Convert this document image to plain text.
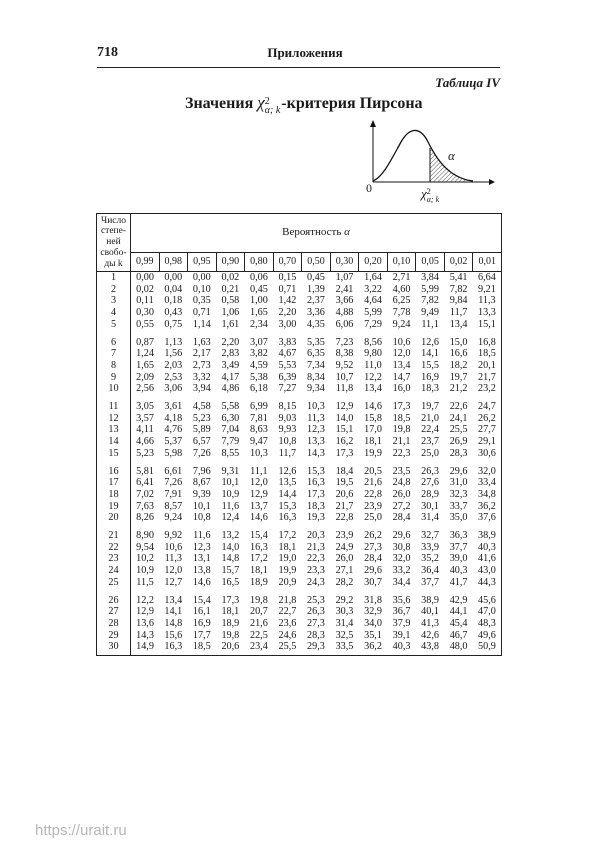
718	Приложения
Таблица IV
Значения χ 2
α; k -критерия Пирсона
α
0	χ 2
α; k
Число
степе-
ней
свобо-
ды k	Вероятность α												
	0,99	0,98	0,95	0,90	0,80	0,70	0,50	0,30	0,20	0,10	0,05	0,02	0,01
1	0,00	0,00	0,00	0,02	0,06	0,15	0,45	1,07	1,64	2,71	3,84	5,41	6,64
2	0,02	0,04	0,10	0,21	0,45	0,71	1,39	2,41	3,22	4,60	5,99	7,82	9,21
3	0,11	0,18	0,35	0,58	1,00	1,42	2,37	3,66	4,64	6,25	7,82	9,84	11,3
4	0,30	0,43	0,71	1,06	1,65	2,20	3,36	4,88	5,99	7,78	9,49	11,7	13,3
5	0,55	0,75	1,14	1,61	2,34	3,00	4,35	6,06	7,29	9,24	11,1	13,4	15,1
6	0,87	1,13	1,63	2,20	3,07	3,83	5,35	7,23	8,56	10,6	12,6	15,0	16,8
7	1,24	1,56	2,17	2,83	3,82	4,67	6,35	8,38	9,80	12,0	14,1	16,6	18,5
8	1,65	2,03	2,73	3,49	4,59	5,53	7,34	9,52	11,0	13,4	15,5	18,2	20,1
9	2,09	2,53	3,32	4,17	5,38	6,39	8,34	10,7	12,2	14,7	16,9	19,7	21,7
10	2,56	3,06	3,94	4,86	6,18	7,27	9,34	11,8	13,4	16,0	18,3	21,2	23,2
11	3,05	3,61	4,58	5,58	6,99	8,15	10,3	12,9	14,6	17,3	19,7	22,6	24,7
12	3,57	4,18	5,23	6,30	7,81	9,03	11,3	14,0	15,8	18,5	21,0	24,1	26,2
13	4,11	4,76	5,89	7,04	8,63	9,93	12,3	15,1	17,0	19,8	22,4	25,5	27,7
14	4,66	5,37	6,57	7,79	9,47	10,8	13,3	16,2	18,1	21,1	23,7	26,9	29,1
15	5,23	5,98	7,26	8,55	10,3	11,7	14,3	17,3	19,9	22,3	25,0	28,3	30,6
16	5,81	6,61	7,96	9,31	11,1	12,6	15,3	18,4	20,5	23,5	26,3	29,6	32,0
17	6,41	7,26	8,67	10,1	12,0	13,5	16,3	19,5	21,6	24,8	27,6	31,0	33,4
18	7,02	7,91	9,39	10,9	12,9	14,4	17,3	20,6	22,8	26,0	28,9	32,3	34,8
19	7,63	8,57	10,1	11,6	13,7	15,3	18,3	21,7	23,9	27,2	30,1	33,7	36,2
20	8,26	9,24	10,8	12,4	14,6	16,3	19,3	22,8	25,0	28,4	31,4	35,0	37,6
21	8,90	9,92	11,6	13,2	15,4	17,2	20,3	23,9	26,2	29,6	32,7	36,3	38,9
22	9,54	10,6	12,3	14,0	16,3	18,1	21,3	24,9	27,3	30,8	33,9	37,7	40,3
23	10,2	11,3	13,1	14,8	17,2	19,0	22,3	26,0	28,4	32,0	35,2	39,0	41,6
24	10,9	12,0	13,8	15,7	18,1	19,9	23,3	27,1	29,6	33,2	36,4	40,3	43,0
25	11,5	12,7	14,6	16,5	18,9	20,9	24,3	28,2	30,7	34,4	37,7	41,7	44,3
26	12,2	13,4	15,4	17,3	19,8	21,8	25,3	29,2	31,8	35,6	38,9	42,9	45,6
27	12,9	14,1	16,1	18,1	20,7	22,7	26,3	30,3	32,9	36,7	40,1	44,1	47,0
28	13,6	14,8	16,9	18,9	21,6	23,6	27,3	31,4	34,0	37,9	41,3	45,4	48,3
29	14,3	15,6	17,7	19,8	22,5	24,6	28,3	32,5	35,1	39,1	42,6	46,7	49,6
30	14,9	16,3	18,5	20,6	23,4	25,5	29,3	33,5	36,2	40,3	43,8	48,0	50,9
https://urait.ru
